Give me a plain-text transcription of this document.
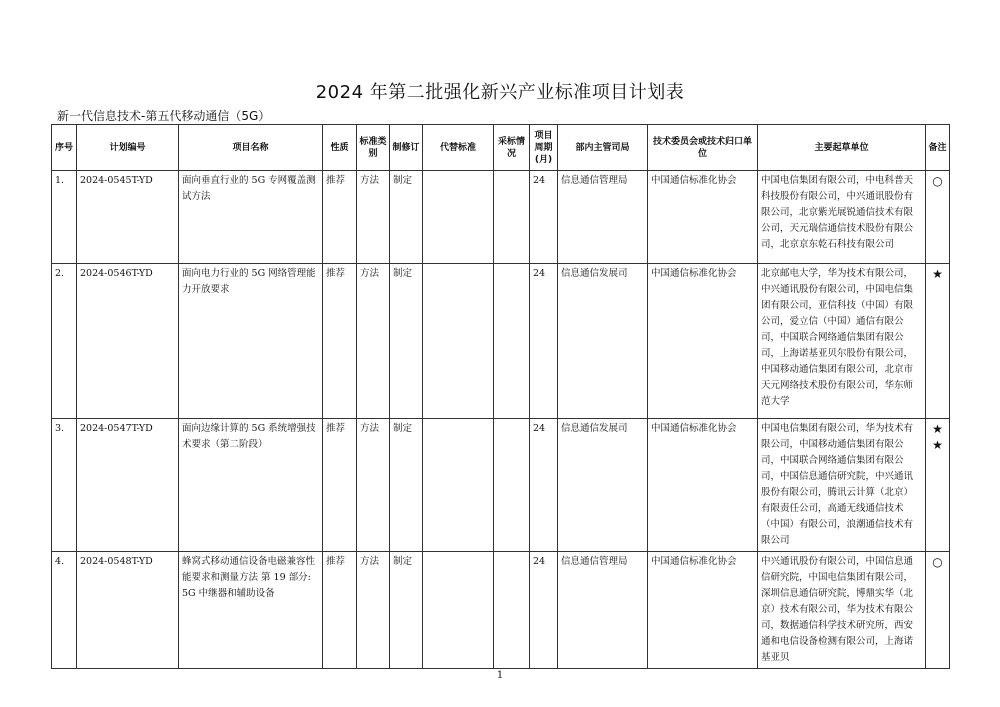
2024 年第二批强化新兴产业标准项目计划表
新一代信息技术-第五代移动通信（5G）
序号	计划编号	项目名称	性质	标准类别	制修订	代替标准	采标情况	项目周期(月)	部内主管司局	技术委员会或技术归口单位	主要起草单位	备注
1.	2024-0545T-YD	面向垂直行业的 5G 专网覆盖测试方法	推荐	方法	制定			24	信息通信管理局	中国通信标准化协会	中国电信集团有限公司，中电科普天科技股份有限公司，中兴通讯股份有限公司，北京紫光展锐通信技术有限公司，天元瑞信通信技术股份有限公司，北京京东乾石科技有限公司	○
2.	2024-0546T-YD	面向电力行业的 5G 网络管理能力开放要求	推荐	方法	制定			24	信息通信发展司	中国通信标准化协会	北京邮电大学，华为技术有限公司，中兴通讯股份有限公司，中国电信集团有限公司，亚信科技（中国）有限公司，爱立信（中国）通信有限公司，中国联合网络通信集团有限公司，上海诺基亚贝尔股份有限公司，中国移动通信集团有限公司，北京市天元网络技术股份有限公司，华东师范大学	★
3.	2024-0547T-YD	面向边缘计算的 5G 系统增强技术要求（第二阶段）	推荐	方法	制定			24	信息通信发展司	中国通信标准化协会	中国电信集团有限公司，华为技术有限公司，中国移动通信集团有限公司，中国联合网络通信集团有限公司，中国信息通信研究院，中兴通讯股份有限公司，腾讯云计算（北京）有限责任公司，高通无线通信技术（中国）有限公司，浪潮通信技术有限公司	★★
4.	2024-0548T-YD	蜂窝式移动通信设备电磁兼容性能要求和测量方法 第 19 部分: 5G 中继器和辅助设备	推荐	方法	制定			24	信息通信管理局	中国通信标准化协会	中兴通讯股份有限公司，中国信息通信研究院，中国电信集团有限公司，深圳信息通信研究院，博鼎实华（北京）技术有限公司，华为技术有限公司，数据通信科学技术研究所，西安通和电信设备检测有限公司，上海诺基亚贝	○
1
